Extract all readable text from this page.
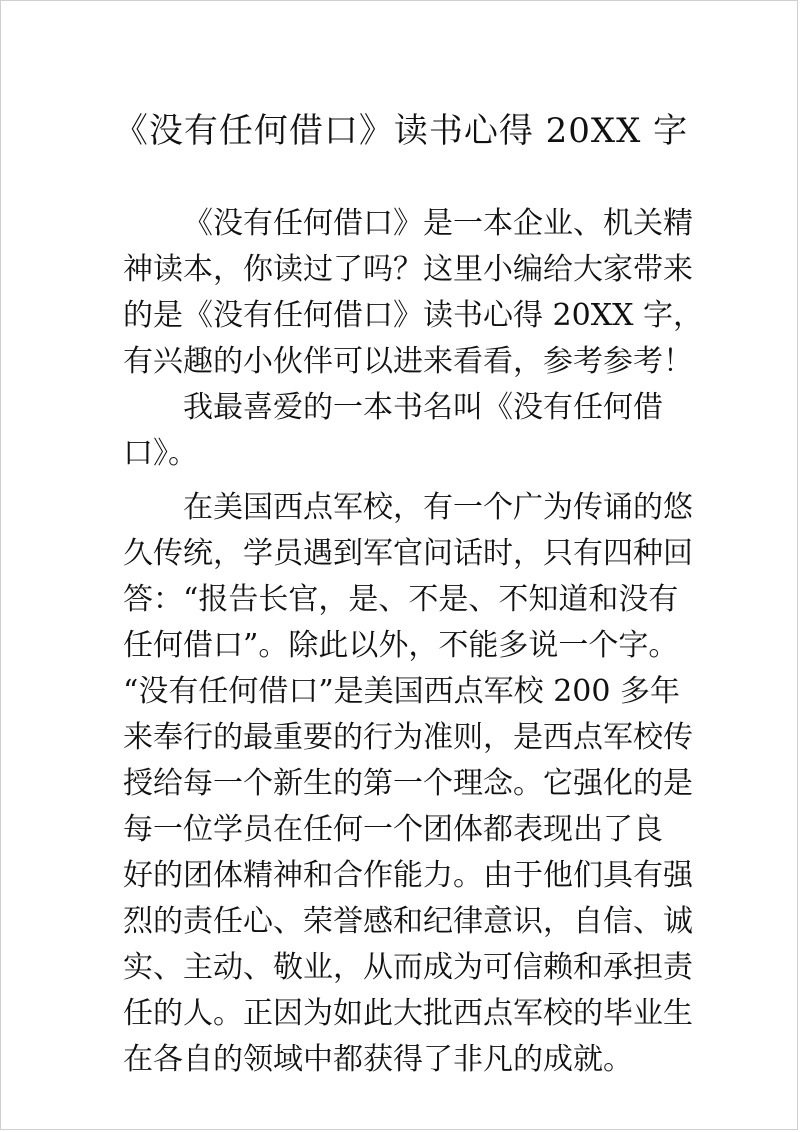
《没有任何借口》读书心得 20XX 字
《没有任何借口》是一本企业、机关精
神读本，你读过了吗？这里小编给大家带来
的是《没有任何借口》读书心得 20XX 字，
有兴趣的小伙伴可以进来看看，参考参考！
我最喜爱的一本书名叫《没有任何借
口》。
在美国西点军校，有一个广为传诵的悠
久传统，学员遇到军官问话时，只有四种回
答：“报告长官，是、不是、不知道和没有
任何借口”。除此以外，不能多说一个字。
“没有任何借口”是美国西点军校 200 多年
来奉行的最重要的行为准则，是西点军校传
授给每一个新生的第一个理念。它强化的是
每一位学员在任何一个团体都表现出了良
好的团体精神和合作能力。由于他们具有强
烈的责任心、荣誉感和纪律意识，自信、诚
实、主动、敬业，从而成为可信赖和承担责
任的人。正因为如此大批西点军校的毕业生
在各自的领域中都获得了非凡的成就。
